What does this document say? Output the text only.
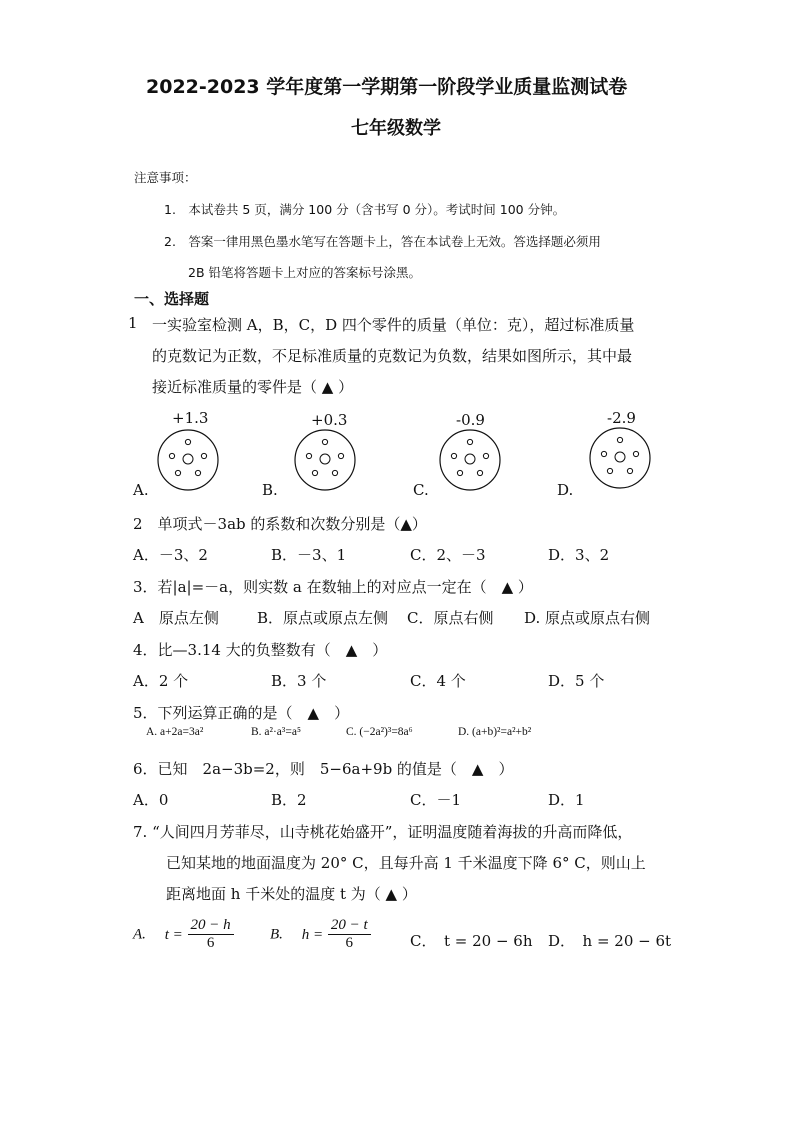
2022-2023 学年度第一学期第一阶段学业质量监测试卷
七年级数学
注意事项：
1.　本试卷共 5 页，满分 100 分（含书写 0 分）。考试时间 100 分钟。
2.　答案一律用黑色墨水笔写在答题卡上，答在本试卷上无效。答选择题必须用
2B 铅笔将答题卡上对应的答案标号涂黑。
一、选择题
1 一实验室检测 A，B，C，D 四个零件的质量（单位：克），超过标准质量
的克数记为正数，不足标准质量的克数记为负数，结果如图所示，其中最
接近标准质量的零件是（ ▲ ）
+1.3	+0.3	-0.9	-2.9
A.	B.	C.	D.
2　单项式－3ab 的系数和次数分别是（▲）
A．－3、2	B．－3、1	C．2、－3	D．3、2
3．若|a|=－a，则实数 a 在数轴上的对应点一定在（　▲ ）
A　原点左侧	B．原点或原点左侧 C．原点右侧 D. 原点或原点右侧
4．比—3.14 大的负整数有（　▲　）
A．2 个	B．3 个	C．4 个	D．5 个
5．下列运算正确的是（　▲　）
A. a+2a=3a²	B. a²·a³=a⁵	C. (−2a²)³=8a⁶	D. (a+b)²=a²+b²
6．已知　2a−3b=2，则　5−6a+9b 的值是（　▲　）
A．0	B．2	C．－1	D．1
7. “人间四月芳菲尽，山寺桃花始盛开”，证明温度随着海拔的升高而降低，
已知某地的地面温度为 20° C，且每升高 1 千米温度下降 6° C，则山上
距离地面 h 千米处的温度 t 为（ ▲ ）
A. $t = \frac{20 - h}{6} B$. $h = \frac{20 - t}{6}$	C．　t = 20 − 6h D．　h = 20 − 6t
